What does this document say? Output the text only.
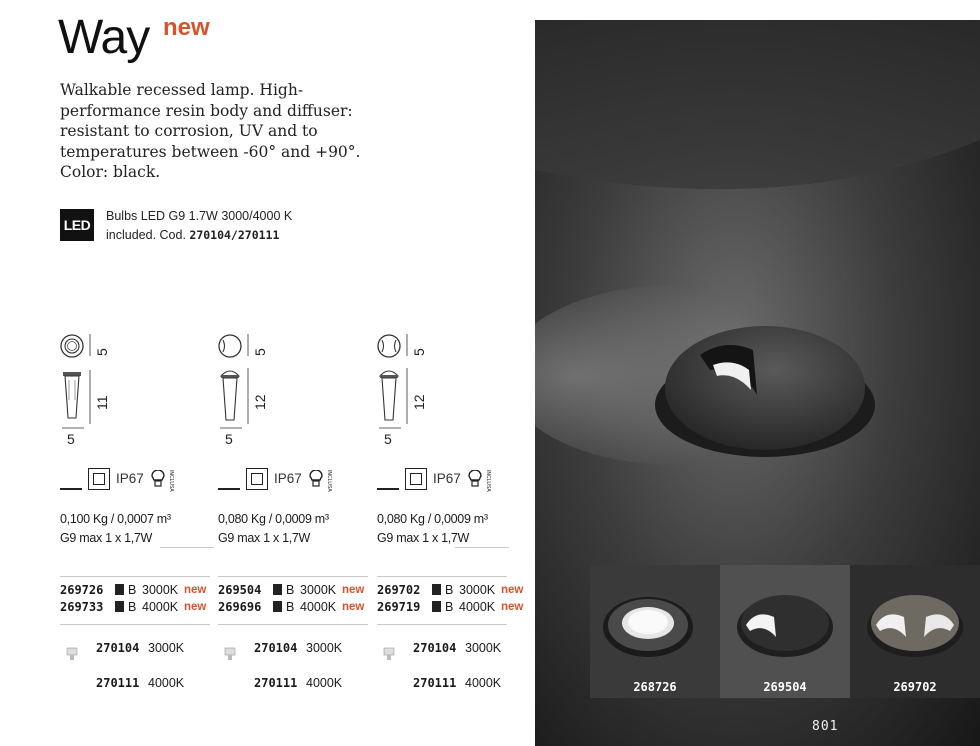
Way new
Walkable recessed lamp. High-performance resin body and diffuser: resistant to corrosion, UV and to temperatures between -60° and +90°. Color: black.
LED
Bulbs LED G9 1.7W 3000/4000 K
included. Cod. 270104/270111
5
11
5
IP67	INCLUSA
0,100 Kg / 0,0007 m³
G9 max 1 x 1,7W
269726	B 3000K new
269733	B 4000K new
270104 3000K
270111 4000K
5
12
5
IP67	INCLUSA
0,080 Kg / 0,0009 m³
G9 max 1 x 1,7W
269504	B 3000K new
269696	B 4000K new
270104 3000K
270111 4000K
5
12
5
IP67	INCLUSA
0,080 Kg / 0,0009 m³
G9 max 1 x 1,7W
269702	B 3000K new
269719	B 4000K new
270104 3000K
270111 4000K	268726	269504	269702
801
